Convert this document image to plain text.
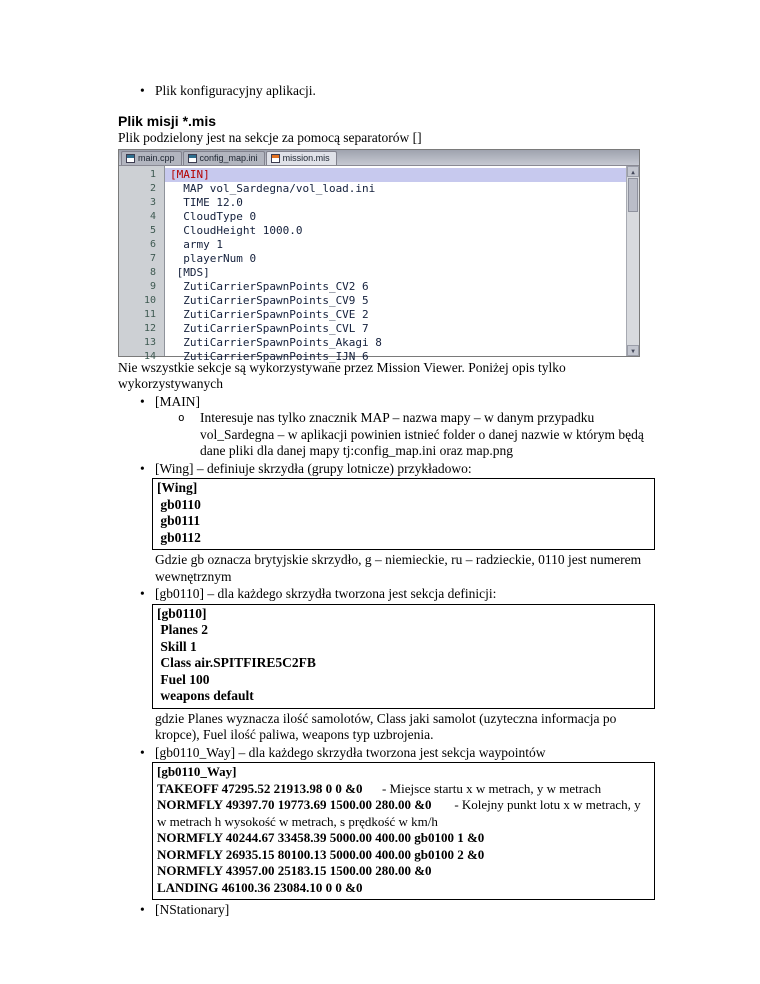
• Plik konfiguracyjny aplikacji.
Plik misji *.mis

Plik podzielony jest na sekcje za pomocą separatorów []

main.cpp	config_map.ini	mission.mis
1	[MAIN]
2	MAP vol_Sardegna/vol_load.ini
3	TIME 12.0
4	CloudType 0
5	CloudHeight 1000.0
6	army 1
7	playerNum 0
8	[MDS]
9	ZutiCarrierSpawnPoints_CV2 6
10	ZutiCarrierSpawnPoints_CV9 5
11	ZutiCarrierSpawnPoints_CVE 2
12	ZutiCarrierSpawnPoints_CVL 7
13	ZutiCarrierSpawnPoints_Akagi 8
14	ZutiCarrierSpawnPoints_IJN 6
▲
▼

Nie wszystkie sekcje są wykorzystywane przez Mission Viewer. Poniżej opis tylko wykorzystywanych

• [MAIN]
o	Interesuje nas tylko znacznik MAP – nazwa mapy – w danym przypadku vol_Sardegna – w aplikacji powinien istnieć folder o danej nazwie w którym będą dane pliki dla danej mapy tj:config_map.ini oraz map.png
• [Wing] – definiuje skrzydła (grupy lotnicze) przykładowo:
[Wing]
gb0110
gb0111
gb0112

Gdzie gb oznacza brytyjskie skrzydło, g – niemieckie, ru – radzieckie, 0110 jest numerem wewnętrznym

• [gb0110] – dla każdego skrzydła tworzona jest sekcja definicji:
[gb0110]
Planes 2
Skill 1
Class air.SPITFIRE5C2FB
Fuel 100
weapons default

gdzie Planes wyznacza ilość samolotów, Class jaki samolot (uzyteczna informacja po kropce), Fuel ilość paliwa, weapons typ uzbrojenia.

• [gb0110_Way] – dla każdego skrzydła tworzona jest sekcja waypointów
[gb0110_Way]
TAKEOFF 47295.52 21913.98 0 0 &0      - Miejsce startu x w metrach, y w metrach
NORMFLY 49397.70 19773.69 1500.00 280.00 &0       - Kolejny punkt lotu x w metrach, y w metrach h wysokość w metrach, s prędkość w km/h
NORMFLY 40244.67 33458.39 5000.00 400.00 gb0100 1 &0
NORMFLY 26935.15 80100.13 5000.00 400.00 gb0100 2 &0
NORMFLY 43957.00 25183.15 1500.00 280.00 &0
LANDING 46100.36 23084.10 0 0 &0
• [NStationary]
